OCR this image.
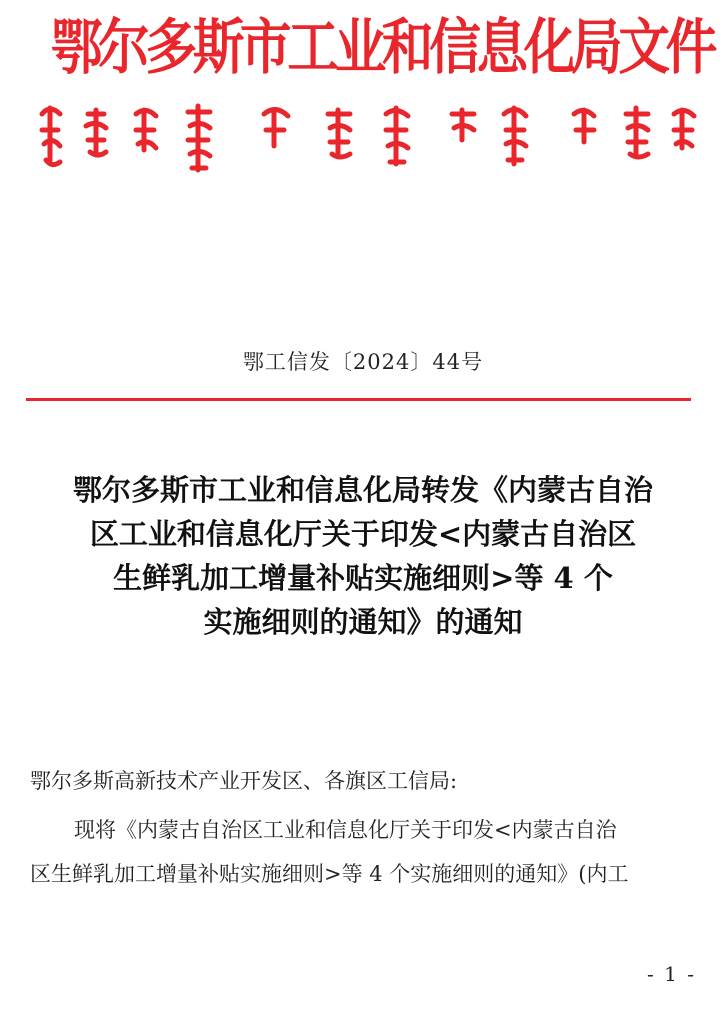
鄂尔多斯市工业和信息化局文件
鄂工信发〔2024〕44号
鄂尔多斯市工业和信息化局转发《内蒙古自治
区工业和信息化厅关于印发<内蒙古自治区
生鲜乳加工增量补贴实施细则>等 4 个
实施细则的通知》的通知
鄂尔多斯高新技术产业开发区、各旗区工信局:
现将《内蒙古自治区工业和信息化厅关于印发<内蒙古自治
区生鲜乳加工增量补贴实施细则>等 4 个实施细则的通知》(内工
- 1 -
